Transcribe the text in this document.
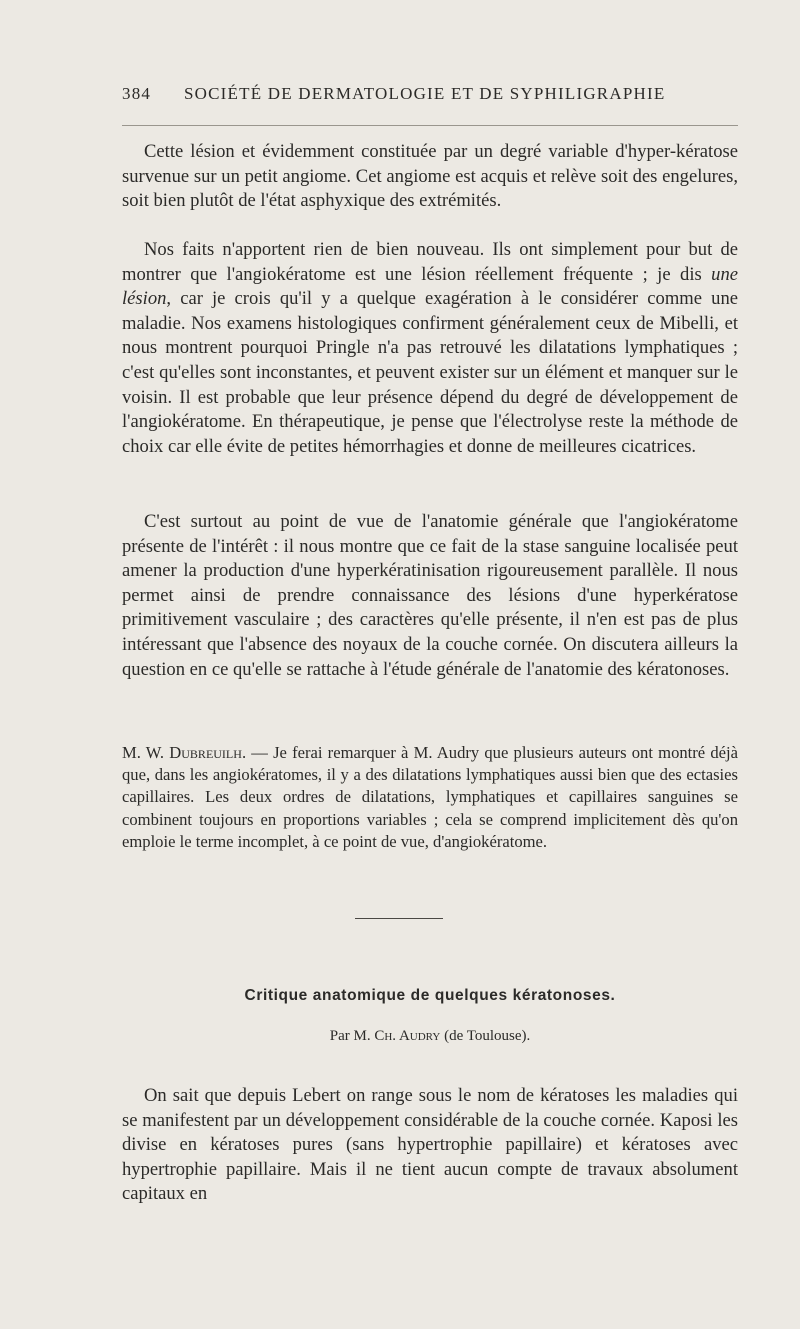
384 SOCIÉTÉ DE DERMATOLOGIE ET DE SYPHILIGRAPHIE

Cette lésion et évidemment constituée par un degré variable d'hyper-kératose survenue sur un petit angiome. Cet angiome est acquis et relève soit des engelures, soit bien plutôt de l'état asphyxique des extrémités.

Nos faits n'apportent rien de bien nouveau. Ils ont simplement pour but de montrer que l'angiokératome est une lésion réellement fréquente ; je dis une lésion, car je crois qu'il y a quelque exagération à le considérer comme une maladie. Nos examens histologiques confirment généralement ceux de Mibelli, et nous montrent pourquoi Pringle n'a pas retrouvé les dilatations lymphatiques ; c'est qu'elles sont inconstantes, et peuvent exister sur un élément et manquer sur le voisin. Il est probable que leur présence dépend du degré de développement de l'angiokératome. En thérapeutique, je pense que l'électrolyse reste la méthode de choix car elle évite de petites hémorrhagies et donne de meilleures cicatrices.

C'est surtout au point de vue de l'anatomie générale que l'angiokératome présente de l'intérêt : il nous montre que ce fait de la stase sanguine localisée peut amener la production d'une hyperkératinisation rigoureusement parallèle. Il nous permet ainsi de prendre connaissance des lésions d'une hyperkératose primitivement vasculaire ; des caractères qu'elle présente, il n'en est pas de plus intéressant que l'absence des noyaux de la couche cornée. On discutera ailleurs la question en ce qu'elle se rattache à l'étude générale de l'anatomie des kératonoses.

M. W. Dubreuilh. — Je ferai remarquer à M. Audry que plusieurs auteurs ont montré déjà que, dans les angiokératomes, il y a des dilatations lymphatiques aussi bien que des ectasies capillaires. Les deux ordres de dilatations, lymphatiques et capillaires sanguines se combinent toujours en proportions variables ; cela se comprend implicitement dès qu'on emploie le terme incomplet, à ce point de vue, d'angiokératome.

Critique anatomique de quelques kératonoses.

Par M. Ch. Audry (de Toulouse).

On sait que depuis Lebert on range sous le nom de kératoses les maladies qui se manifestent par un développement considérable de la couche cornée. Kaposi les divise en kératoses pures (sans hypertrophie papillaire) et kératoses avec hypertrophie papillaire. Mais il ne tient aucun compte de travaux absolument capitaux en
